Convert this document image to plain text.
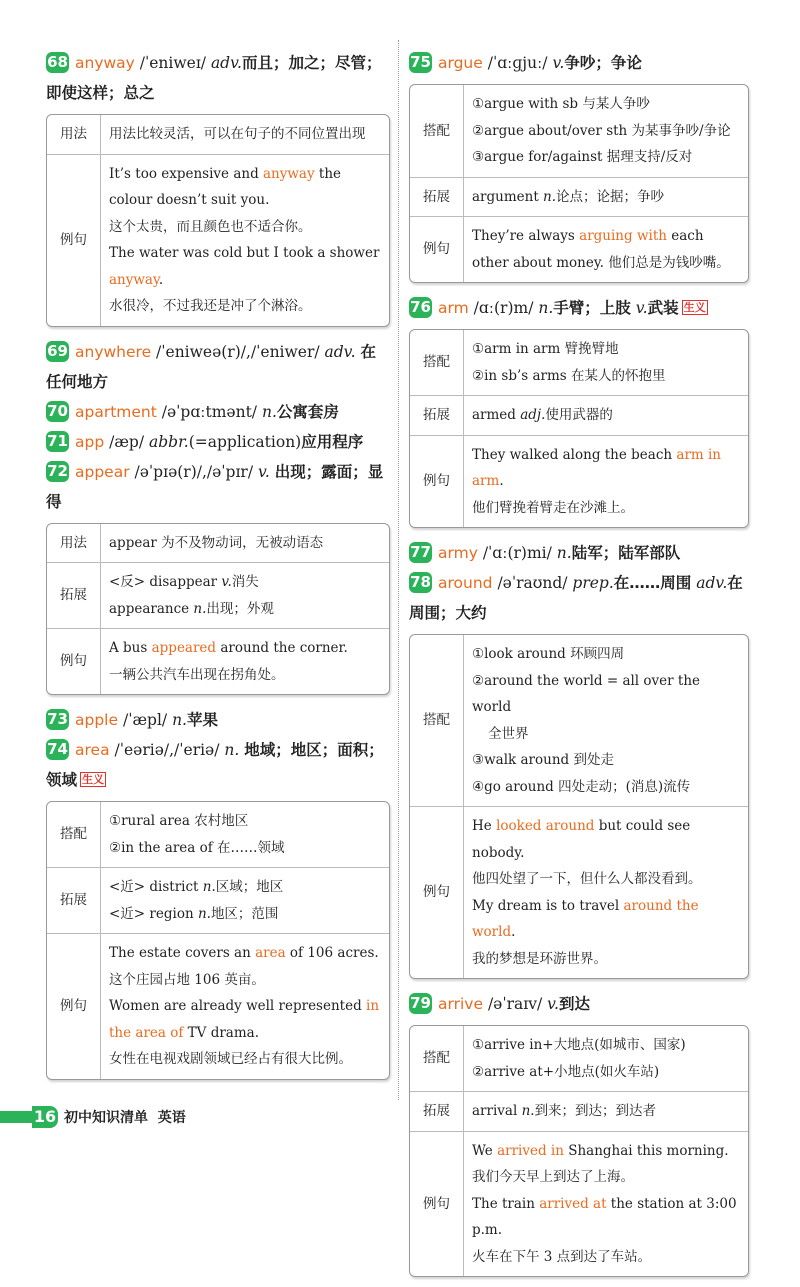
68 anyway /ˈeniweɪ/ adv.而且；加之；尽管；即使这样；总之

用法	用法比较灵活，可以在句子的不同位置出现
例句	It’s too expensive and anyway the colour doesn’t suit you.
这个太贵，而且颜色也不适合你。
The water was cold but I took a shower anyway.
水很冷，不过我还是冲了个淋浴。

69 anywhere /ˈeniweə(r)/,/ˈeniwer/ adv. 在任何地方

70 apartment /əˈpɑːtmənt/ n.公寓套房

71 app /æp/ abbr.(=application)应用程序

72 appear /əˈpɪə(r)/,/əˈpɪr/ v. 出现；露面；显得

用法	appear 为不及物动词，无被动语态
拓展	<反> disappear v.消失
appearance n.出现；外观

例句	A bus appeared around the corner.
一辆公共汽车出现在拐角处。

73 apple /ˈæpl/ n.苹果

74 area /ˈeəriə/,/ˈeriə/ n. 地域；地区；面积；领域 生义

搭配	①rural area 农村地区
②in the area of 在……领域

拓展	<近> district n.区域；地区
<近> region n.地区；范围

例句	The estate covers an area of 106 acres.
这个庄园占地 106 英亩。
Women are already well represented in the area of TV drama.
女性在电视戏剧领域已经占有很大比例。

75 argue /ˈɑːɡjuː/ v.争吵；争论

搭配	①argue with sb 与某人争吵
②argue about/over sth 为某事争吵/争论
③argue for/against 据理支持/反对

拓展	argument n.论点；论据；争吵
例句	They’re always arguing with each other about money. 他们总是为钱吵嘴。

76 arm /ɑː(r)m/ n.手臂；上肢 v.武装 生义

搭配	①arm in arm 臂挽臂地
②in sb’s arms 在某人的怀抱里

拓展	armed adj.使用武器的
例句	They walked along the beach arm in arm.
他们臂挽着臂走在沙滩上。

77 army /ˈɑː(r)mi/ n.陆军；陆军部队

78 around /əˈraʊnd/ prep.在……周围 adv.在周围；大约

搭配	①look around 环顾四周
②around the world = all over the world
全世界
③walk around 到处走
④go around 四处走动；(消息)流传

例句	He looked around but could see nobody.
他四处望了一下，但什么人都没看到。
My dream is to travel around the world.
我的梦想是环游世界。

79 arrive /əˈraɪv/ v.到达

搭配	①arrive in+大地点(如城市、国家)
②arrive at+小地点(如火车站)

拓展	arrival n.到来；到达；到达者
例句	We arrived in Shanghai this morning.
我们今天早上到达了上海。
The train arrived at the station at 3:00 p.m.
火车在下午 3 点到达了车站。
16 初中知识清单 英语
